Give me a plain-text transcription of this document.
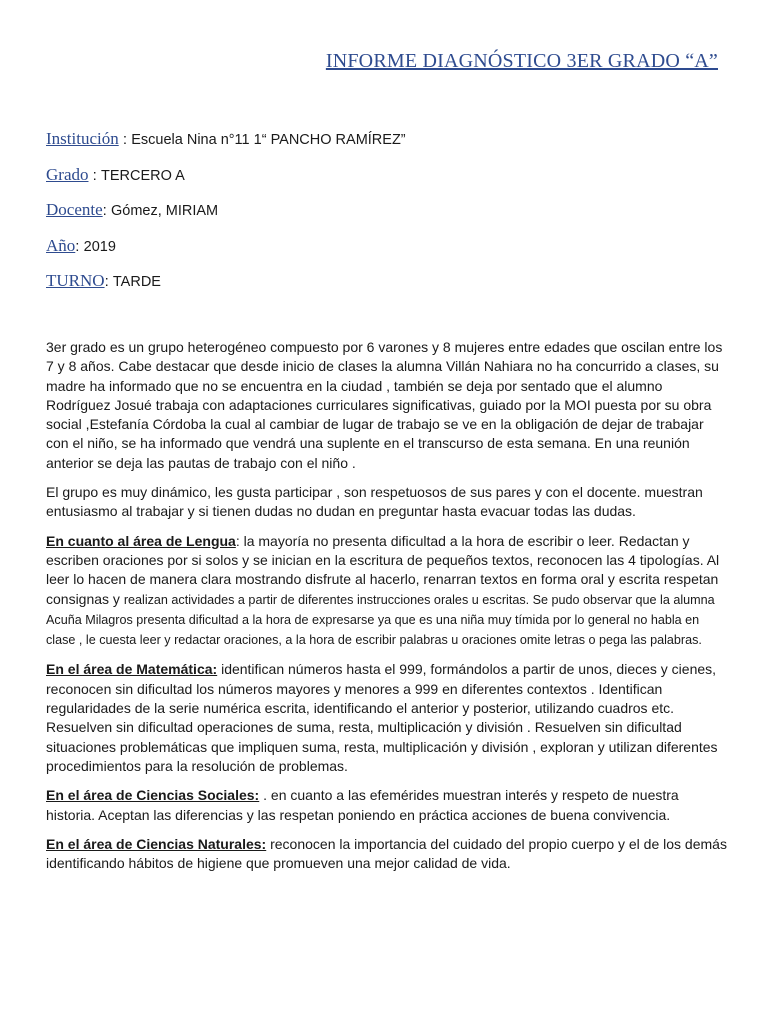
INFORME DIAGNÓSTICO 3ER GRADO “A”
Institución : Escuela Nina n°11 1“ PANCHO RAMÍREZ”
Grado : TERCERO A
Docente: Gómez, MIRIAM
Año: 2019
TURNO: TARDE

3er grado es un grupo heterogéneo compuesto por 6 varones y 8 mujeres entre edades que oscilan entre los 7 y 8 años. Cabe destacar que desde inicio de clases la alumna Villán Nahiara no ha concurrido a clases, su madre ha informado que no se encuentra en la ciudad , también se deja por sentado que el alumno Rodríguez Josué trabaja con adaptaciones curriculares significativas, guiado por la MOI puesta por su obra social ,Estefanía Córdoba la cual al cambiar de lugar de trabajo se ve en la obligación de dejar de trabajar con el niño, se ha informado que vendrá una suplente en el transcurso de esta semana. En una reunión anterior se deja las pautas de trabajo con el niño .

El grupo es muy dinámico, les gusta participar , son respetuosos de sus pares y con el docente. muestran entusiasmo al trabajar y si tienen dudas no dudan en preguntar hasta evacuar todas las dudas.

En cuanto al área de Lengua: la mayoría no presenta dificultad a la hora de escribir o leer. Redactan y escriben oraciones por si solos y se inician en la escritura de pequeños textos, reconocen las 4 tipologías. Al leer lo hacen de manera clara mostrando disfrute al hacerlo, renarran textos en forma oral y escrita respetan consignas y realizan actividades a partir de diferentes instrucciones orales u escritas. Se pudo observar que la alumna Acuña Milagros presenta dificultad a la hora de expresarse ya que es una niña muy tímida por lo general no habla en clase , le cuesta leer y redactar oraciones, a la hora de escribir palabras u oraciones omite letras o pega las palabras.

En el área de Matemática: identifican números hasta el 999, formándolos a partir de unos, dieces y cienes, reconocen sin dificultad los números mayores y menores a 999 en diferentes contextos . Identifican regularidades de la serie numérica escrita, identificando el anterior y posterior, utilizando cuadros etc. Resuelven sin dificultad operaciones de suma, resta, multiplicación y división . Resuelven sin dificultad situaciones problemáticas que impliquen suma, resta, multiplicación y división , exploran y utilizan diferentes procedimientos para la resolución de problemas.

En el área de Ciencias Sociales: . en cuanto a las efemérides muestran interés y respeto de nuestra historia. Aceptan las diferencias y las respetan poniendo en práctica acciones de buena convivencia.

En el área de Ciencias Naturales: reconocen la importancia del cuidado del propio cuerpo y el de los demás identificando hábitos de higiene que promueven una mejor calidad de vida.
